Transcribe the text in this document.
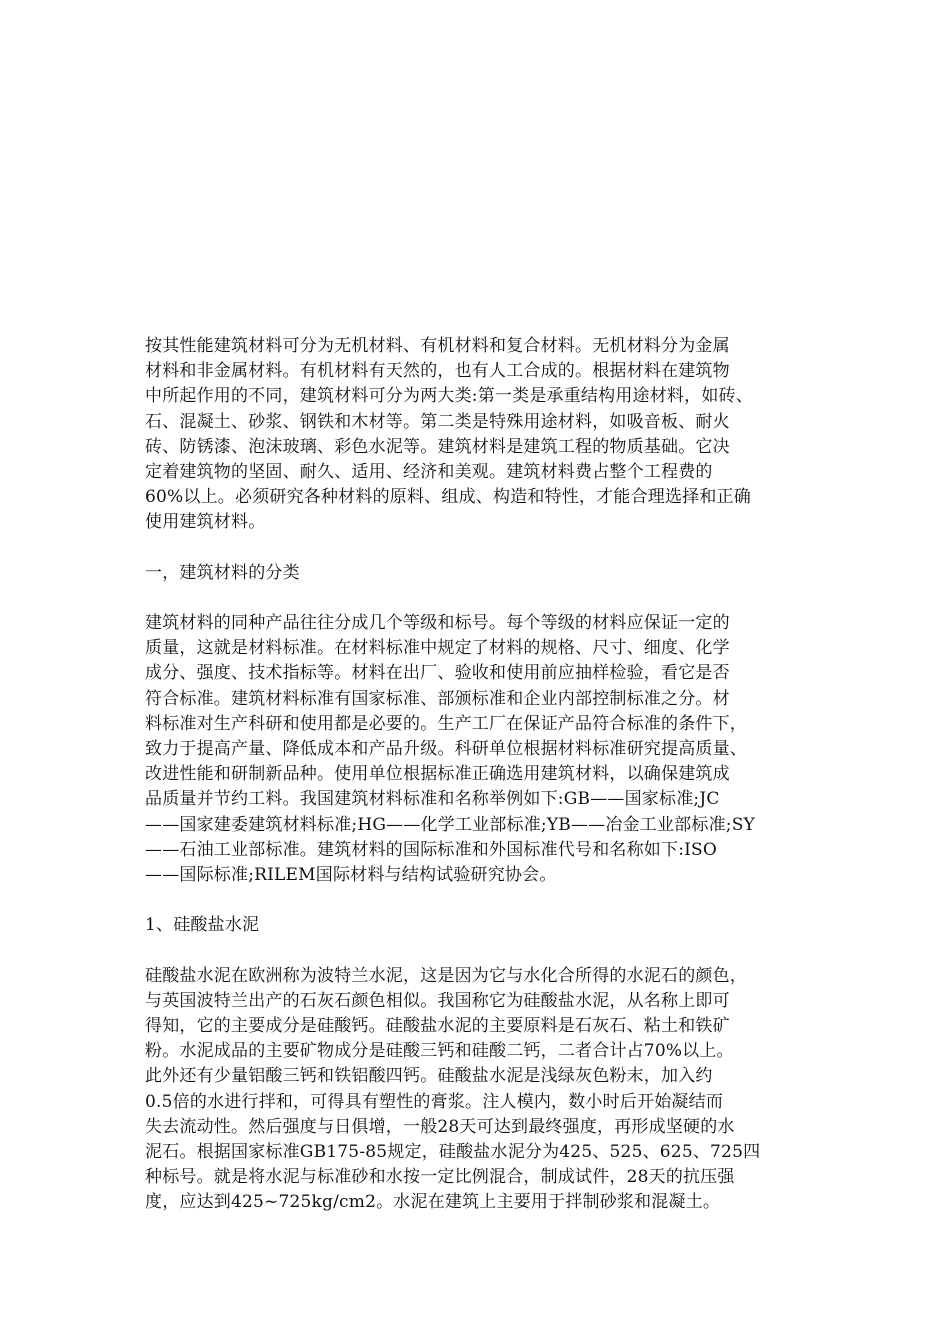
按其性能建筑材料可分为无机材料、有机材料和复合材料。无机材料分为金属
材料和非金属材料。有机材料有天然的，也有人工合成的。根据材料在建筑物
中所起作用的不同，建筑材料可分为两大类:第一类是承重结构用途材料，如砖、
石、混凝土、砂浆、钢铁和木材等。第二类是特殊用途材料，如吸音板、耐火
砖、防锈漆、泡沫玻璃、彩色水泥等。建筑材料是建筑工程的物质基础。它决
定着建筑物的坚固、耐久、适用、经济和美观。建筑材料费占整个工程费的
60%以上。必须研究各种材料的原料、组成、构造和特性，才能合理选择和正确
使用建筑材料。
一，建筑材料的分类
建筑材料的同种产品往往分成几个等级和标号。每个等级的材料应保证一定的
质量，这就是材料标准。在材料标准中规定了材料的规格、尺寸、细度、化学
成分、强度、技术指标等。材料在出厂、验收和使用前应抽样检验，看它是否
符合标准。建筑材料标准有国家标准、部颁标准和企业内部控制标准之分。材
料标准对生产科研和使用都是必要的。生产工厂在保证产品符合标准的条件下，
致力于提高产量、降低成本和产品升级。科研单位根据材料标准研究提高质量、
改进性能和研制新品种。使用单位根据标准正确选用建筑材料，以确保建筑成
品质量并节约工料。我国建筑材料标准和名称举例如下:GB——国家标准;JC
——国家建委建筑材料标准;HG——化学工业部标准;YB——冶金工业部标准;SY
——石油工业部标准。建筑材料的国际标准和外国标准代号和名称如下:ISO
——国际标准;RILEM国际材料与结构试验研究协会。
1、硅酸盐水泥
硅酸盐水泥在欧洲称为波特兰水泥，这是因为它与水化合所得的水泥石的颜色，
与英国波特兰出产的石灰石颜色相似。我国称它为硅酸盐水泥，从名称上即可
得知，它的主要成分是硅酸钙。硅酸盐水泥的主要原料是石灰石、粘土和铁矿
粉。水泥成品的主要矿物成分是硅酸三钙和硅酸二钙，二者合计占70%以上。
此外还有少量铝酸三钙和铁铝酸四钙。硅酸盐水泥是浅绿灰色粉末，加入约
0.5倍的水进行拌和，可得具有塑性的膏浆。注人模内，数小时后开始凝结而
失去流动性。然后强度与日俱增，一般28天可达到最终强度，再形成坚硬的水
泥石。根据国家标准GB175-85规定，硅酸盐水泥分为425、525、625、725四
种标号。就是将水泥与标准砂和水按一定比例混合，制成试件，28天的抗压强
度，应达到425~725kg/cm2。水泥在建筑上主要用于拌制砂浆和混凝土。
